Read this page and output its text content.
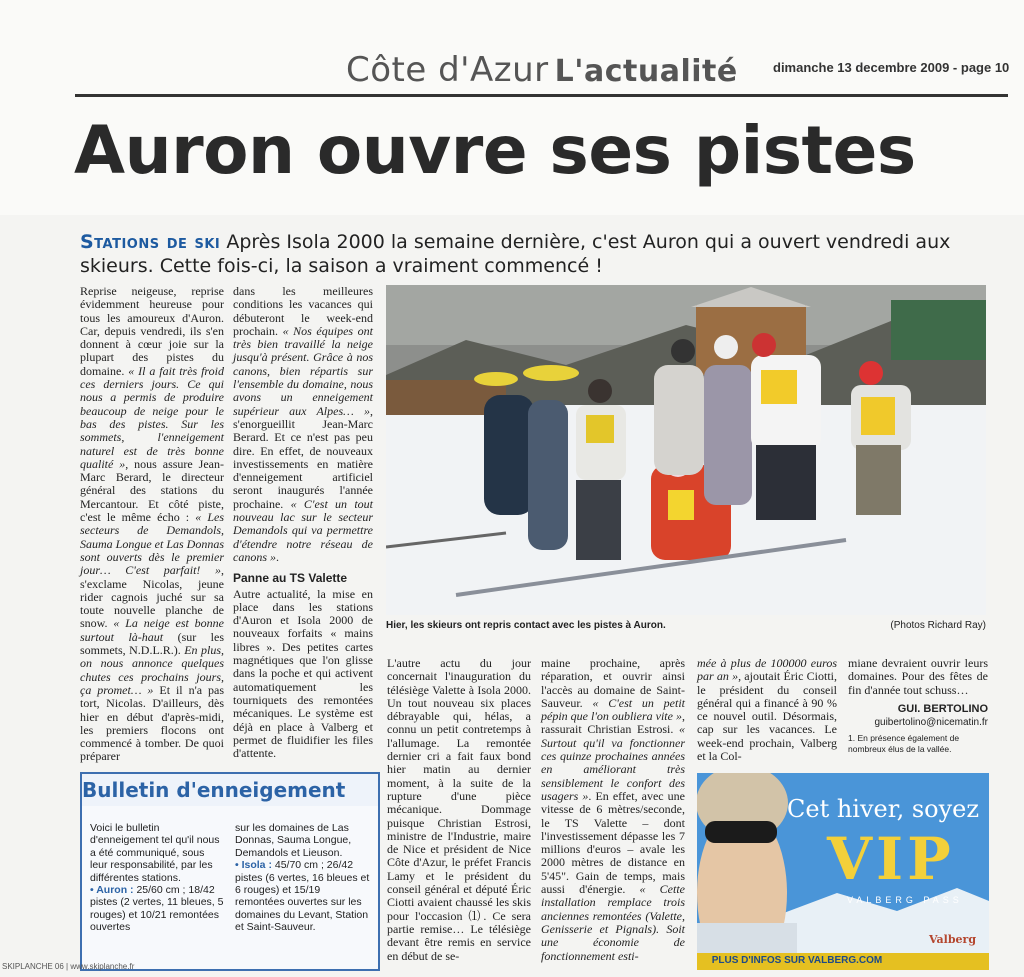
Côte d'Azur L'actualité	dimanche 13 decembre 2009 - page 10
Auron ouvre ses pistes
Stations de ski Après Isola 2000 la semaine dernière, c'est Auron qui a ouvert vendredi aux skieurs. Cette fois-ci, la saison a vraiment commencé !

Reprise neigeuse, reprise évidemment heureuse pour tous les amoureux d'Auron. Car, depuis vendredi, ils s'en donnent à cœur joie sur la plupart des pistes du domaine. « Il a fait très froid ces derniers jours. Ce qui nous a permis de produire beaucoup de neige pour le bas des pistes. Sur les sommets, l'enneigement naturel est de très bonne qualité », nous assure Jean-Marc Berard, le directeur général des stations du Mercantour. Et côté piste, c'est le même écho : « Les secteurs de Demandols, Sauma Longue et Las Donnas sont ouverts dès le premier jour… C'est parfait! », s'exclame Nicolas, jeune rider cagnois juché sur sa toute nouvelle planche de snow. « La neige est bonne surtout là-haut (sur les sommets, N.D.L.R.). En plus, on nous annonce quelques chutes ces prochains jours, ça promet… » Et il n'a pas tort, Nicolas. D'ailleurs, dès hier en début d'après-midi, les premiers flocons ont commencé à tomber. De quoi préparer

dans les meilleures conditions les vacances qui débuteront le week-end prochain. « Nos équipes ont très bien travaillé la neige jusqu'à présent. Grâce à nos canons, bien répartis sur l'ensemble du domaine, nous avons un enneigement supérieur aux Alpes… », s'enorgueillit Jean-Marc Berard. Et ce n'est pas peu dire. En effet, de nouveaux investissements en matière d'enneigement artificiel seront inaugurés l'année prochaine. « C'est un tout nouveau lac sur le secteur Demandols qui va permettre d'étendre notre réseau de canons ».

Panne au TS Valette

Autre actualité, la mise en place dans les stations d'Auron et Isola 2000 de nouveaux forfaits « mains libres ». Des petites cartes magnétiques que l'on glisse dans la poche et qui activent automatiquement les tourniquets des remontées mécaniques. Le système est déjà en place à Valberg et permet de fluidifier les files d'attente.

Hier, les skieurs ont repris contact avec les pistes à Auron.	(Photos Richard Ray)

L'autre actu du jour concernait l'inauguration du télésiège Valette à Isola 2000. Un tout nouveau six places débrayable qui, hélas, a connu un petit contretemps à l'allumage. La remontée dernier cri a fait faux bond hier matin au dernier moment, à la suite de la rupture d'une pièce mécanique. Dommage puisque Christian Estrosi, ministre de l'Industrie, maire de Nice et président de Nice Côte d'Azur, le préfet Francis Lamy et le président du conseil général et député Éric Ciotti avaient chaussé les skis pour l'occasion ⑴. Ce sera partie remise… Le télésiège devant être remis en service en début de se-

maine prochaine, après réparation, et ouvrir ainsi l'accès au domaine de Saint-Sauveur. « C'est un petit pépin que l'on oubliera vite », rassurait Christian Estrosi. « Surtout qu'il va fonctionner ces quinze prochaines années en améliorant très sensiblement le confort des usagers ». En effet, avec une vitesse de 6 mètres/seconde, le TS Valette – dont l'investissement dépasse les 7 millions d'euros – avale les 2000 mètres de distance en 5'45". Gain de temps, mais aussi d'énergie. « Cette installation remplace trois anciennes remontées (Valette, Genisserie et Pignals). Soit une économie de fonctionnement esti-

mée à plus de 100000 euros par an », ajoutait Éric Ciotti, le président du conseil général qui a financé à 90 % ce nouvel outil. Désormais, cap sur les vacances. Le week-end prochain, Valberg et la Col-

miane devraient ouvrir leurs domaines. Pour des fêtes de fin d'année tout schuss…

GUI. BERTOLINO
guibertolino@nicematin.fr
1. En présence également de nombreux élus de la vallée.
Bulletin d'enneigement
Voici le bulletin d'enneigement tel qu'il nous a été communiqué, sous leur responsabilité, par les différentes stations.
• Auron : 25/60 cm ; 18/42 pistes (2 vertes, 11 bleues, 5 rouges) et 10/21 remontées ouvertes
sur les domaines de Las Donnas, Sauma Longue, Demandols et Lieuson.
• Isola : 45/70 cm ; 26/42 pistes (6 vertes, 16 bleues et 6 rouges) et 15/19 remontées ouvertes sur les domaines du Levant, Station et Saint-Sauveur.
Cet hiver, soyez
VIP
VALBERG PASS
Valberg
PLUS D'INFOS SUR VALBERG.COM
SKIPLANCHE 06 | www.skiplanche.fr
